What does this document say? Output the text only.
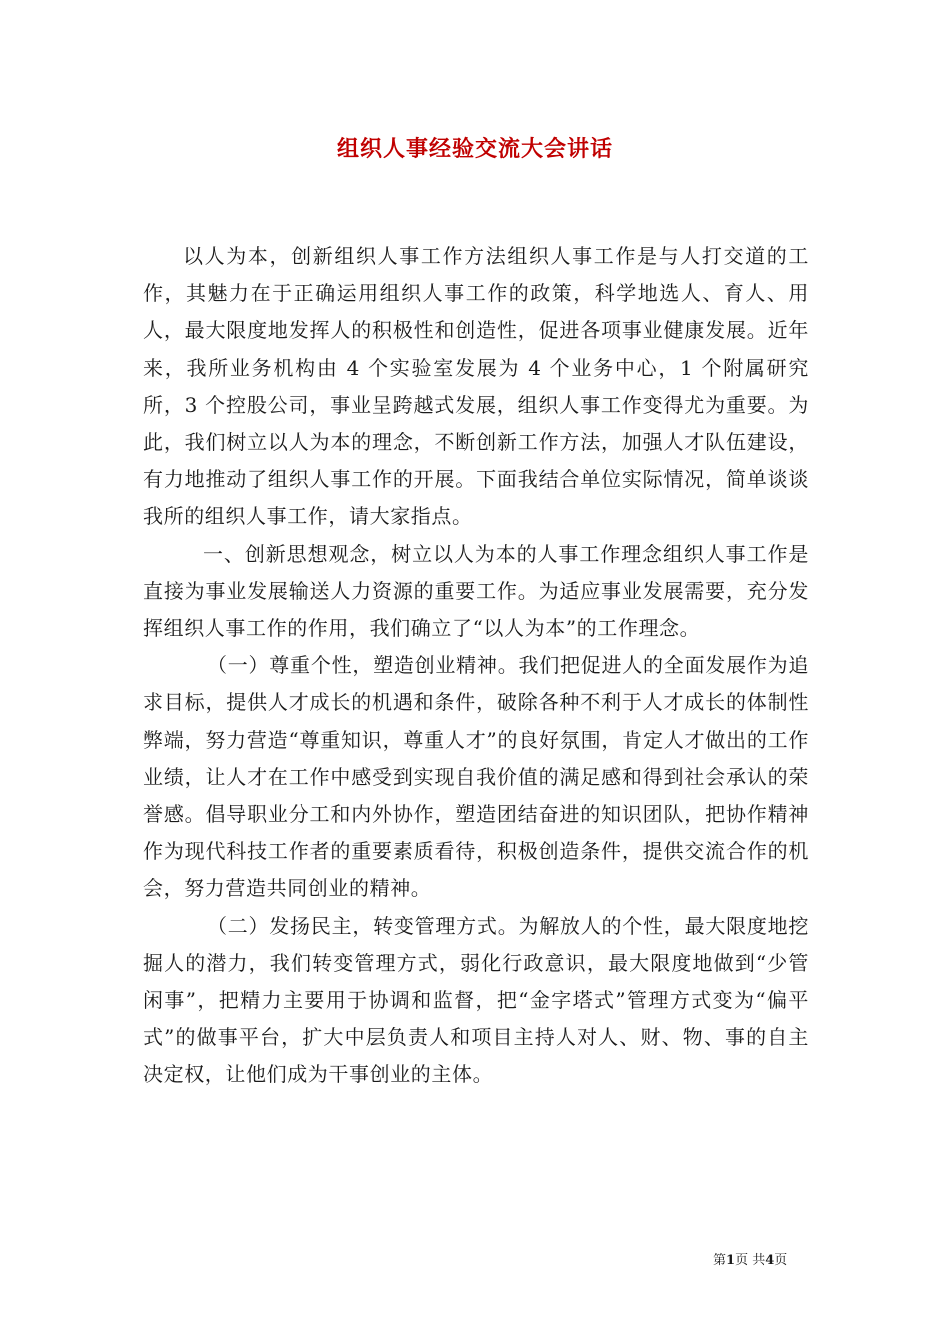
组织人事经验交流大会讲话

以人为本，创新组织人事工作方法组织人事工作是与人打交道的工作，其魅力在于正确运用组织人事工作的政策，科学地选人、育人、用人，最大限度地发挥人的积极性和创造性，促进各项事业健康发展。近年来，我所业务机构由 4 个实验室发展为 4 个业务中心，1 个附属研究所，3 个控股公司，事业呈跨越式发展，组织人事工作变得尤为重要。为此，我们树立以人为本的理念，不断创新工作方法，加强人才队伍建设，有力地推动了组织人事工作的开展。下面我结合单位实际情况，简单谈谈我所的组织人事工作，请大家指点。

一、创新思想观念，树立以人为本的人事工作理念组织人事工作是直接为事业发展输送人力资源的重要工作。为适应事业发展需要，充分发挥组织人事工作的作用，我们确立了“以人为本”的工作理念。

（一）尊重个性，塑造创业精神。我们把促进人的全面发展作为追求目标，提供人才成长的机遇和条件，破除各种不利于人才成长的体制性弊端，努力营造“尊重知识，尊重人才”的良好氛围，肯定人才做出的工作业绩，让人才在工作中感受到实现自我价值的满足感和得到社会承认的荣誉感。倡导职业分工和内外协作，塑造团结奋进的知识团队，把协作精神作为现代科技工作者的重要素质看待，积极创造条件，提供交流合作的机会，努力营造共同创业的精神。

（二）发扬民主，转变管理方式。为解放人的个性，最大限度地挖掘人的潜力，我们转变管理方式，弱化行政意识，最大限度地做到“少管闲事”，把精力主要用于协调和监督，把“金字塔式”管理方式变为“偏平式”的做事平台，扩大中层负责人和项目主持人对人、财、物、事的自主决定权，让他们成为干事创业的主体。

第1页 共4页
